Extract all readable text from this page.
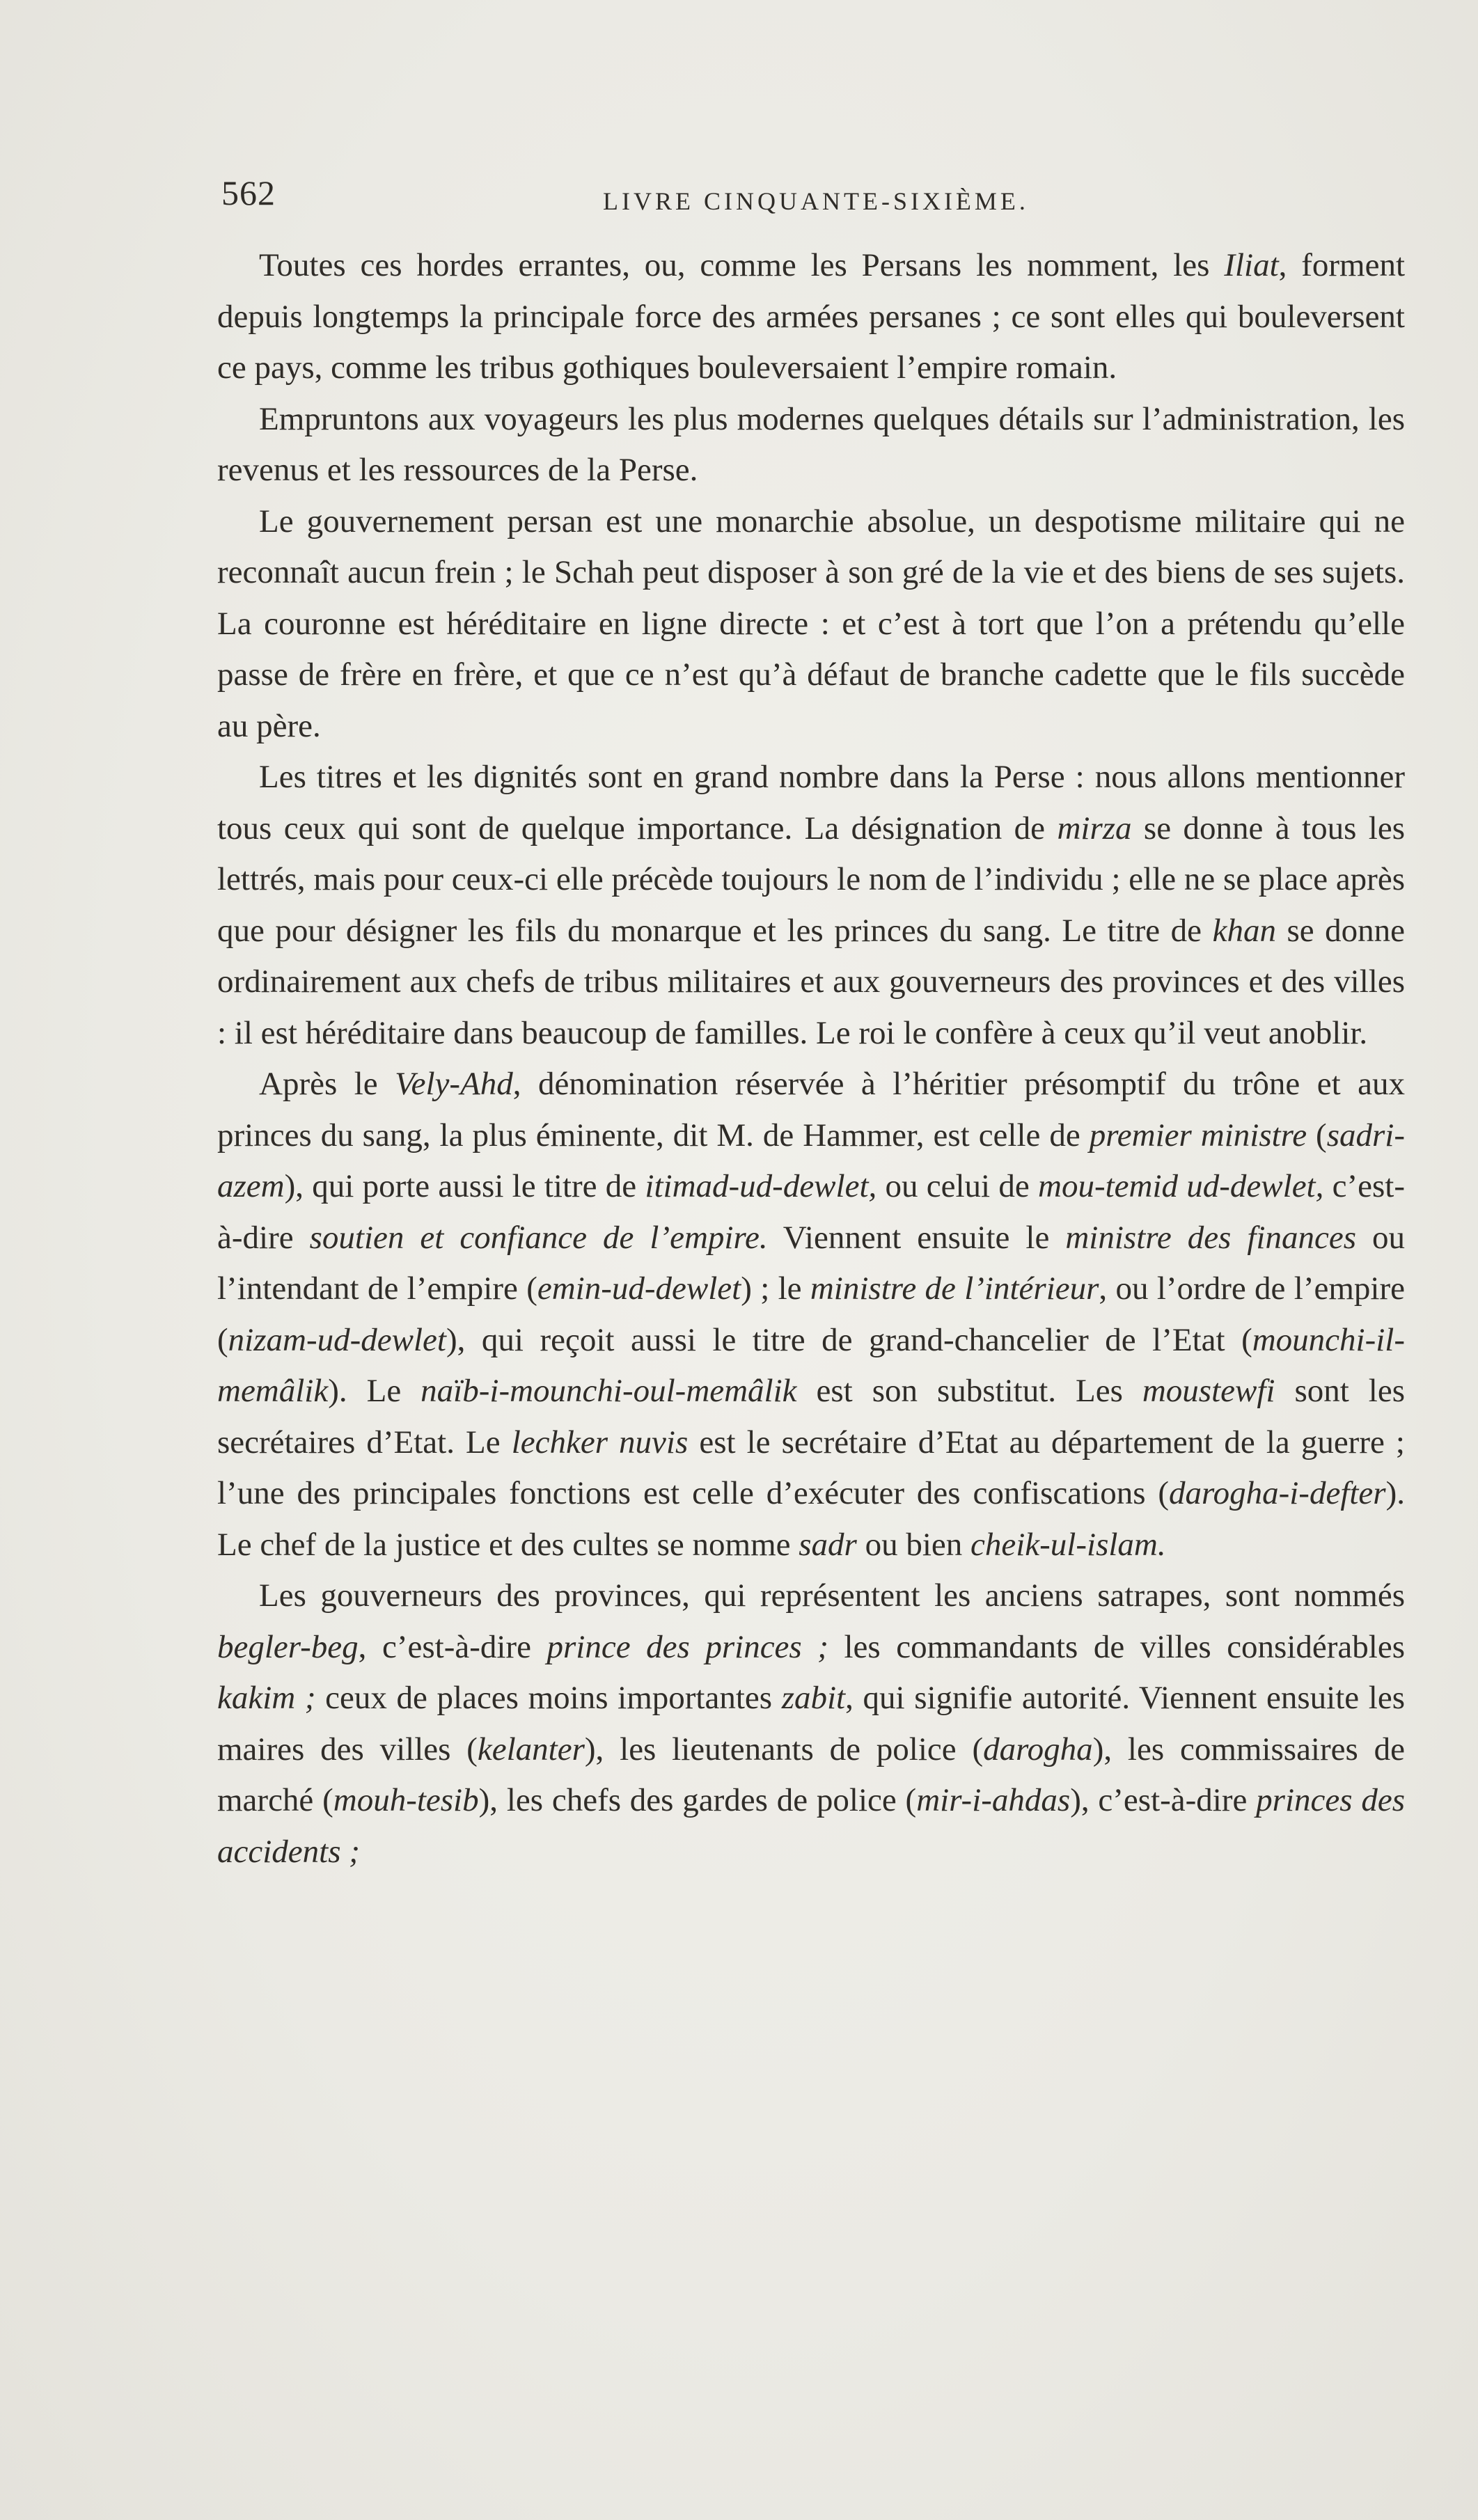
562	LIVRE CINQUANTE-SIXIÈME.

Toutes ces hordes errantes, ou, comme les Persans les nomment, les Iliat, forment depuis longtemps la principale force des armées persanes ; ce sont elles qui bouleversent ce pays, comme les tribus gothiques bouleversaient l’empire romain.

Empruntons aux voyageurs les plus modernes quelques détails sur l’administration, les revenus et les ressources de la Perse.

Le gouvernement persan est une monarchie absolue, un despotisme militaire qui ne reconnaît aucun frein ; le Schah peut disposer à son gré de la vie et des biens de ses sujets. La couronne est héréditaire en ligne directe : et c’est à tort que l’on a prétendu qu’elle passe de frère en frère, et que ce n’est qu’à défaut de branche cadette que le fils succède au père.

Les titres et les dignités sont en grand nombre dans la Perse : nous allons mentionner tous ceux qui sont de quelque importance. La désignation de mirza se donne à tous les lettrés, mais pour ceux-ci elle précède toujours le nom de l’individu ; elle ne se place après que pour désigner les fils du monarque et les princes du sang. Le titre de khan se donne ordinairement aux chefs de tribus militaires et aux gouverneurs des provinces et des villes : il est héréditaire dans beaucoup de familles. Le roi le confère à ceux qu’il veut anoblir.

Après le Vely-Ahd, dénomination réservée à l’héritier présomptif du trône et aux princes du sang, la plus éminente, dit M. de Hammer, est celle de premier ministre (sadri-azem), qui porte aussi le titre de itimad-ud-dewlet, ou celui de mou-temid ud-dewlet, c’est-à-dire soutien et confiance de l’empire. Viennent ensuite le ministre des finances ou l’intendant de l’empire (emin-ud-dewlet) ; le ministre de l’intérieur, ou l’ordre de l’empire (nizam-ud-dewlet), qui reçoit aussi le titre de grand-chancelier de l’Etat (mounchi-il-memâlik). Le naïb-i-mounchi-oul-memâlik est son substitut. Les moustewfi sont les secrétaires d’Etat. Le lechker nuvis est le secrétaire d’Etat au département de la guerre ; l’une des principales fonctions est celle d’exécuter des confiscations (darogha-i-defter). Le chef de la justice et des cultes se nomme sadr ou bien cheik-ul-islam.

Les gouverneurs des provinces, qui représentent les anciens satrapes, sont nommés begler-beg, c’est-à-dire prince des princes ; les commandants de villes considérables kakim ; ceux de places moins importantes zabit, qui signifie autorité. Viennent ensuite les maires des villes (kelanter), les lieutenants de police (darogha), les commissaires de marché (mouh-tesib), les chefs des gardes de police (mir-i-ahdas), c’est-à-dire princes des accidents ;
